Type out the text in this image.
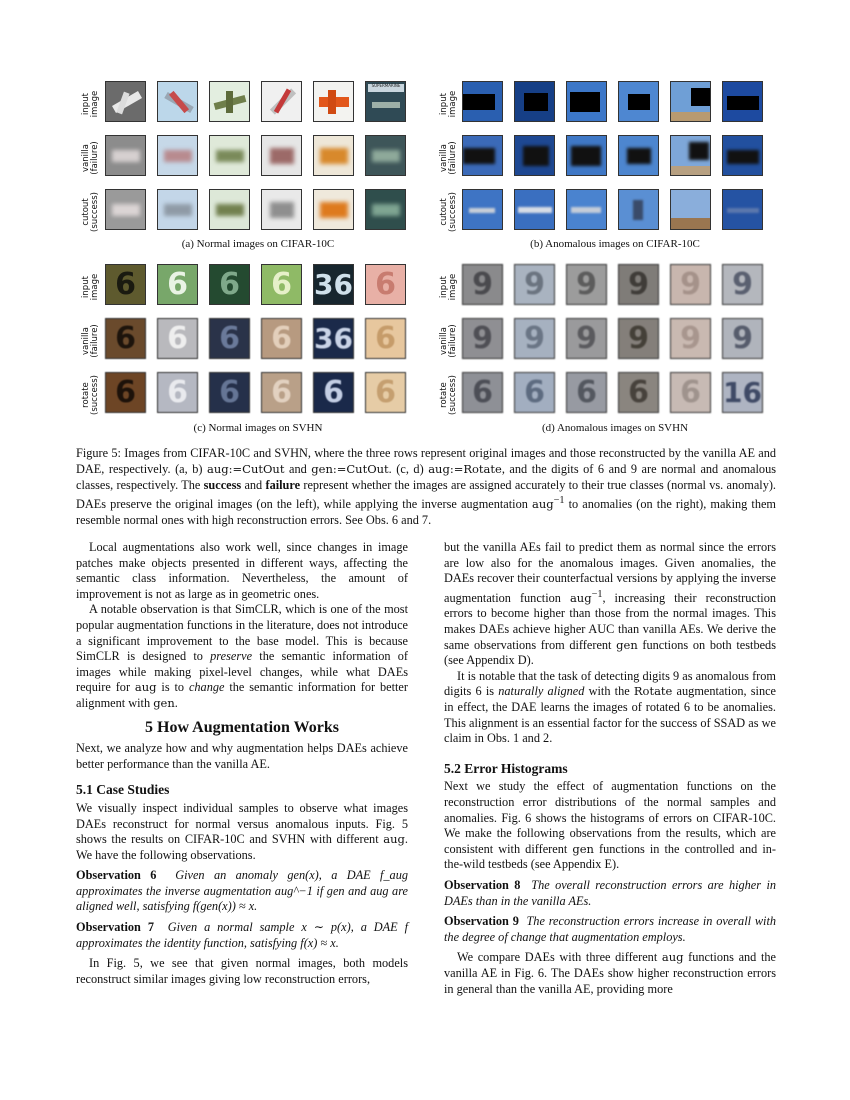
input image
vanilla (failure)
cutout (success)
SUPERMARINE
(a) Normal images on CIFAR-10C
input image
vanilla (failure)
cutout (success)
(b) Anomalous images on CIFAR-10C
input image
vanilla (failure)
rotate (success)
6	6	6	6 36 6
6	6	6	6 36 6
6	6	6	6	6	6
(c) Normal images on SVHN
input image
vanilla (failure)
rotate (success)
9	9	9	9	9	9
9	9	9	9	9	9
6	6	6	6	6 16
(d) Anomalous images on SVHN
Figure 5: Images from CIFAR-10C and SVHN, where the three rows represent original images and those reconstructed by the vanilla AE and DAE, respectively. (a, b) aug:=CutOut and gen:=CutOut. (c, d) aug:=Rotate, and the digits of 6 and 9 are normal and anomalous classes, respectively. The success and failure represent whether the images are assigned accurately to their true classes (normal vs. anomaly). DAEs preserve the original images (on the left), while applying the inverse augmentation aug$^{-1}$ to anomalies (on the right), making them resemble normal ones with high reconstruction errors. See Obs. 6 and 7.

Local augmentations also work well, since changes in image patches make objects presented in different ways, affecting the semantic class information. Nevertheless, the amount of improvement is not as large as in geometric ones.

A notable observation is that SimCLR, which is one of the most popular augmentation functions in the literature, does not introduce a significant improvement to the base model. This is because SimCLR is designed to preserve the semantic information of images while making pixel-level changes, while what DAEs require for aug is to change the semantic information for better alignment with gen.

5 How Augmentation Works

Next, we analyze how and why augmentation helps DAEs achieve better performance than the vanilla AE.

5.1 Case Studies

We visually inspect individual samples to observe what images DAEs reconstruct for normal versus anomalous inputs. Fig. 5 shows the results on CIFAR-10C and SVHN with different aug. We have the following observations.

Observation 6 Given an anomaly gen(x), a DAE f_aug approximates the inverse augmentation aug^−1 if gen and aug are aligned well, satisfying f(gen(x)) ≈ x.

Observation 7 Given a normal sample x ∼ p(x), a DAE f approximates the identity function, satisfying f(x) ≈ x.

In Fig. 5, we see that given normal images, both models reconstruct similar images giving low reconstruction errors,

but the vanilla AEs fail to predict them as normal since the errors are low also for the anomalous images. Given anomalies, the DAEs recover their counterfactual versions by applying the inverse augmentation function aug$^{-1}$, increasing their reconstruction errors to become higher than those from the normal images. This makes DAEs achieve higher AUC than vanilla AEs. We derive the same observations from different gen functions on both testbeds (see Appendix D).

It is notable that the task of detecting digits 9 as anomalous from digits 6 is naturally aligned with the Rotate augmentation, since in effect, the DAE learns the images of rotated 6 to be anomalies. This alignment is an essential factor for the success of SSAD as we claim in Obs. 1 and 2.

5.2 Error Histograms

Next we study the effect of augmentation functions on the reconstruction error distributions of the normal samples and anomalies. Fig. 6 shows the histograms of errors on CIFAR-10C. We make the following observations from the results, which are consistent with different gen functions in the controlled and in-the-wild testbeds (see Appendix E).

Observation 8 The overall reconstruction errors are higher in DAEs than in the vanilla AEs.

Observation 9 The reconstruction errors increase in overall with the degree of change that augmentation employs.

We compare DAEs with three different aug functions and the vanilla AE in Fig. 6. The DAEs show higher reconstruction errors in general than the vanilla AE, providing more
